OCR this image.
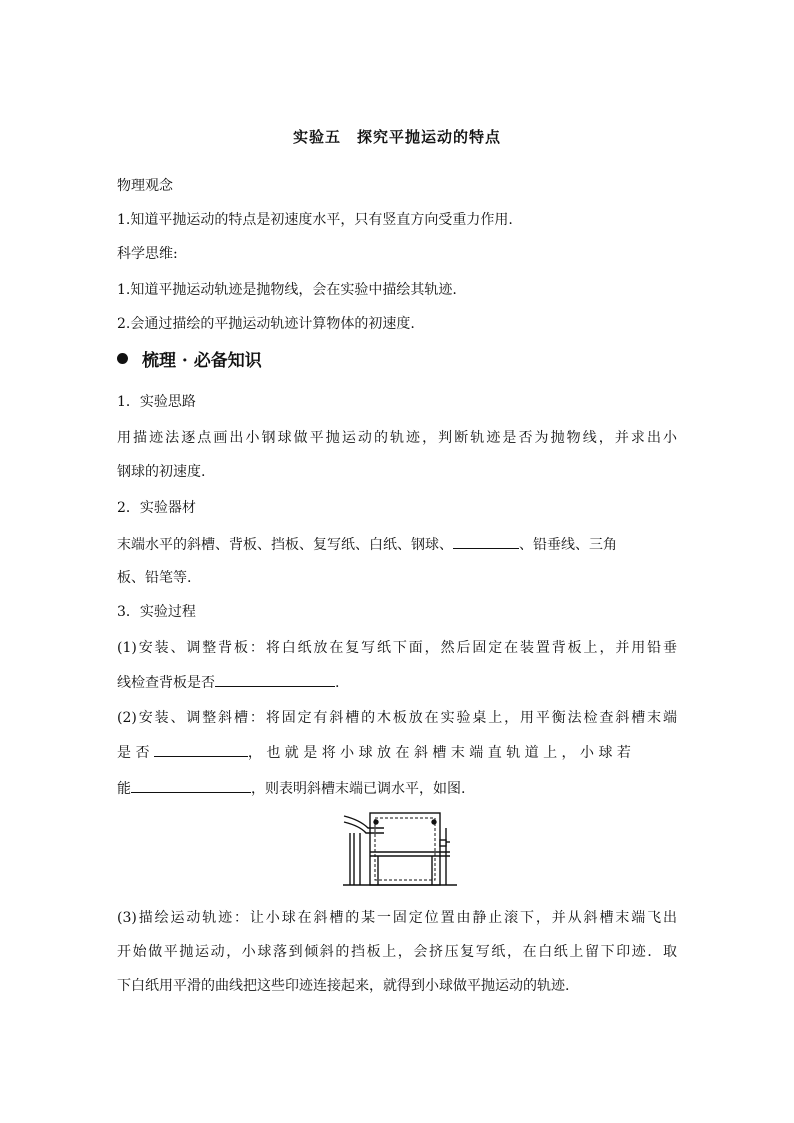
实验五　探究平抛运动的特点
物理观念
1.知道平抛运动的特点是初速度水平，只有竖直方向受重力作用.
科学思维:
1.知道平抛运动轨迹是抛物线，会在实验中描绘其轨迹.
2.会通过描绘的平抛运动轨迹计算物体的初速度.
梳理 · 必备知识
1．实验思路
用描迹法逐点画出小钢球做平抛运动的轨迹，判断轨迹是否为抛物线，并求出小
钢球的初速度.
2．实验器材
末端水平的斜槽、背板、挡板、复写纸、白纸、钢球、	、铅垂线、三角
板、铅笔等.
3．实验过程
(1)安装、调整背板：将白纸放在复写纸下面，然后固定在装置背板上，并用铅垂
线检查背板是否	.
(2)安装、调整斜槽：将固定有斜槽的木板放在实验桌上，用平衡法检查斜槽末端
是 否	， 也 就 是 将 小 球 放 在 斜 槽 末 端 直 轨 道 上 ， 小 球 若
能	，则表明斜槽末端已调水平，如图.
(3)描绘运动轨迹：让小球在斜槽的某一固定位置由静止滚下，并从斜槽末端飞出
开始做平抛运动，小球落到倾斜的挡板上，会挤压复写纸，在白纸上留下印迹．取
下白纸用平滑的曲线把这些印迹连接起来，就得到小球做平抛运动的轨迹.
